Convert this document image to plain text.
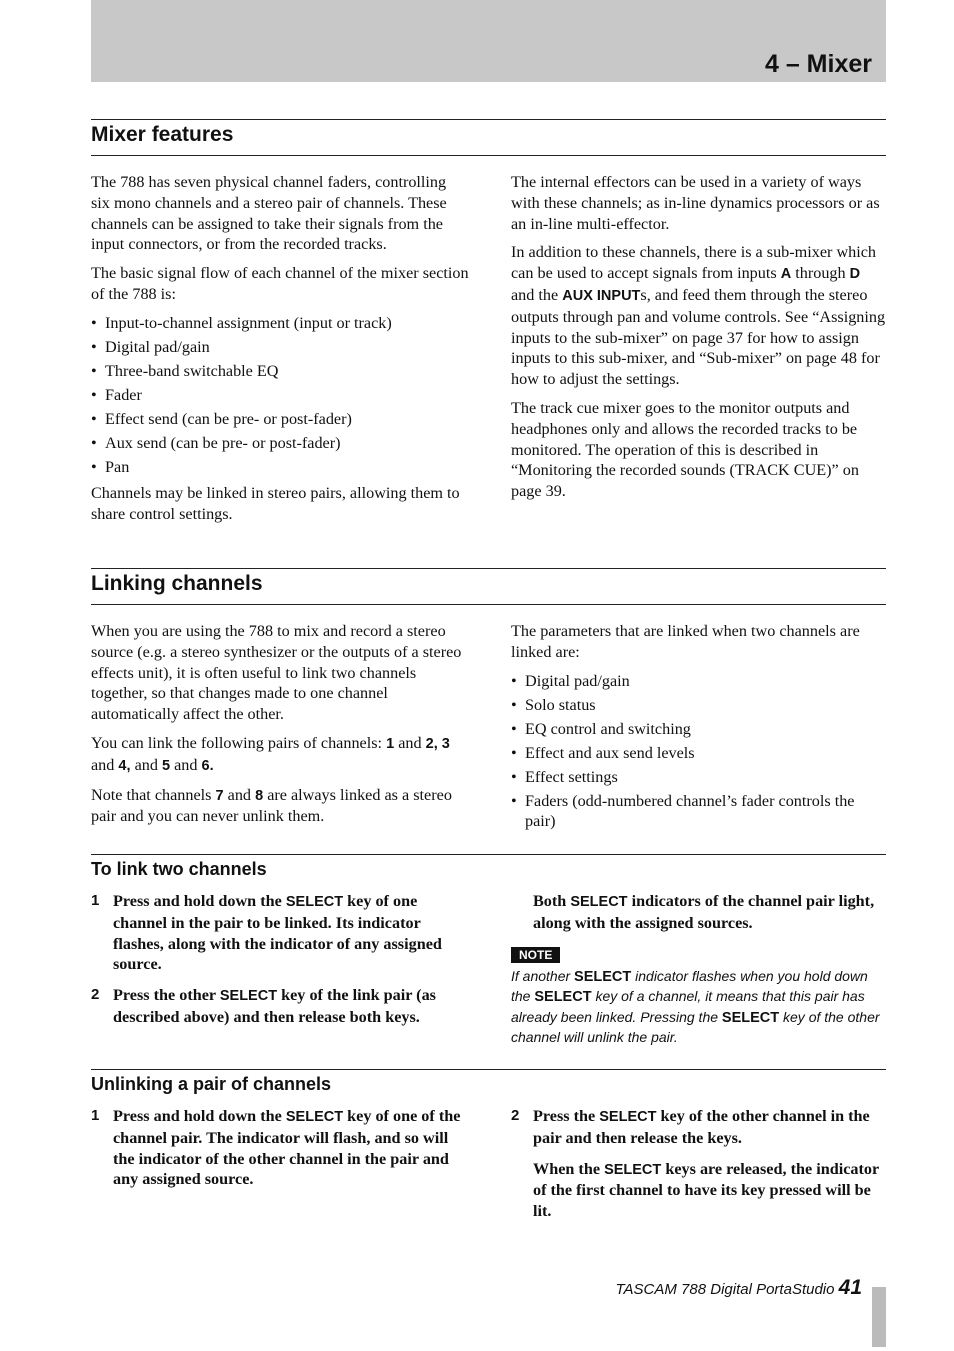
4 – Mixer
Mixer features

The 788 has seven physical channel faders, controlling six mono channels and a stereo pair of channels. These channels can be assigned to take their signals from the input connectors, or from the recorded tracks.

The basic signal flow of each channel of the mixer section of the 788 is:

• Input-to-channel assignment (input or track)
• Digital pad/gain
• Three-band switchable EQ
• Fader
• Effect send (can be pre- or post-fader)
• Aux send (can be pre- or post-fader)
• Pan

Channels may be linked in stereo pairs, allowing them to share control settings.

The internal effectors can be used in a variety of ways with these channels; as in-line dynamics processors or as an in-line multi-effector.

In addition to these channels, there is a sub-mixer which can be used to accept signals from inputs A through D and the AUX INPUTs, and feed them through the stereo outputs through pan and volume controls. See “Assigning inputs to the sub-mixer” on page 37 for how to assign inputs to this sub-mixer, and “Sub-mixer” on page 48 for how to adjust the settings.

The track cue mixer goes to the monitor outputs and headphones only and allows the recorded tracks to be monitored. The operation of this is described in “Monitoring the recorded sounds (TRACK CUE)” on page 39.

Linking channels

When you are using the 788 to mix and record a stereo source (e.g. a stereo synthesizer or the outputs of a stereo effects unit), it is often useful to link two channels together, so that changes made to one channel automatically affect the other.

You can link the following pairs of channels: 1 and 2, 3 and 4, and 5 and 6.

Note that channels 7 and 8 are always linked as a stereo pair and you can never unlink them.

The parameters that are linked when two channels are linked are:

• Digital pad/gain
• Solo status
• EQ control and switching
• Effect and aux send levels
• Effect settings
• Faders (odd-numbered channel’s fader controls the pair)
To link two channels
1 Press and hold down the SELECT key of one channel in the pair to be linked. Its indicator flashes, along with the indicator of any assigned source.
2 Press the other SELECT key of the link pair (as described above) and then release both keys.
Both SELECT indicators of the channel pair light, along with the assigned sources.
NOTE
If another SELECT indicator flashes when you hold down the SELECT key of a channel, it means that this pair has already been linked. Pressing the SELECT key of the other channel will unlink the pair.
Unlinking a pair of channels
1 Press and hold down the SELECT key of one of the channel pair. The indicator will flash, and so will the indicator of the other channel in the pair and any assigned source.
2 Press the SELECT key of the other channel in the pair and then release the keys.
When the SELECT keys are released, the indicator of the first channel to have its key pressed will be lit.
TASCAM 788 Digital PortaStudio 41
